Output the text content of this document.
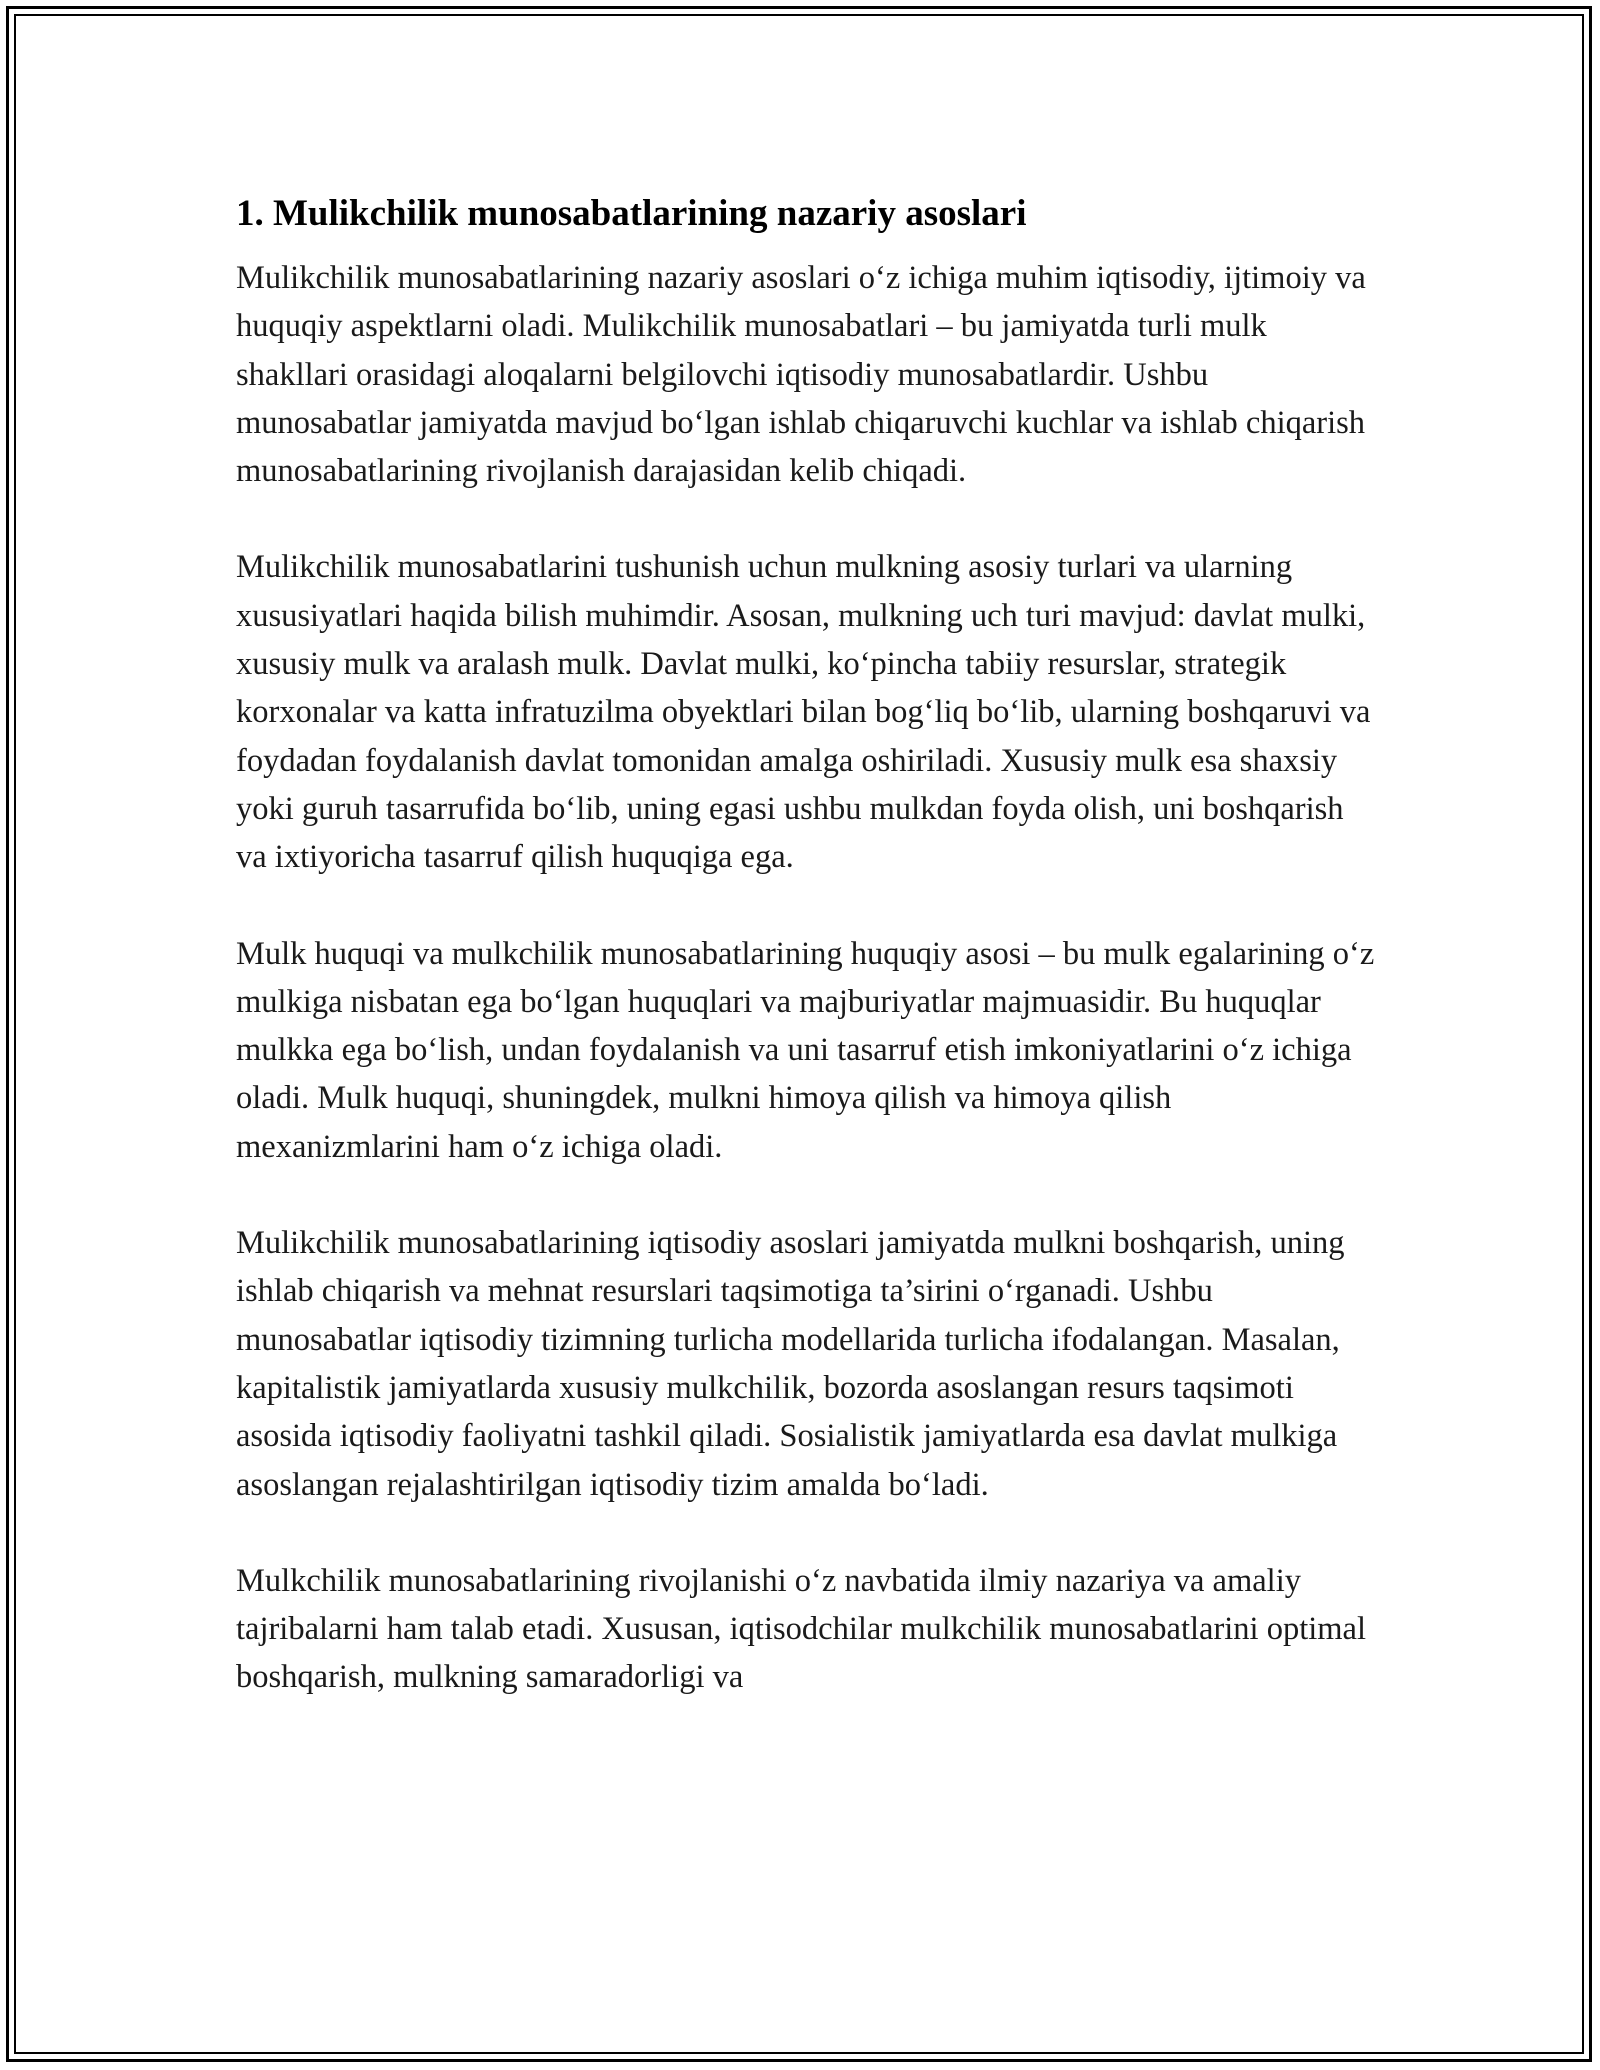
1. Mulikchilik munosabatlarining nazariy asoslari

Mulikchilik munosabatlarining nazariy asoslari o‘z ichiga muhim iqtisodiy, ijtimoiy va huquqiy aspektlarni oladi. Mulikchilik munosabatlari – bu jamiyatda turli mulk shakllari orasidagi aloqalarni belgilovchi iqtisodiy munosabatlardir. Ushbu munosabatlar jamiyatda mavjud bo‘lgan ishlab chiqaruvchi kuchlar va ishlab chiqarish munosabatlarining rivojlanish darajasidan kelib chiqadi.

Mulikchilik munosabatlarini tushunish uchun mulkning asosiy turlari va ularning xususiyatlari haqida bilish muhimdir. Asosan, mulkning uch turi mavjud: davlat mulki, xususiy mulk va aralash mulk. Davlat mulki, ko‘pincha tabiiy resurslar, strategik korxonalar va katta infratuzilma obyektlari bilan bog‘liq bo‘lib, ularning boshqaruvi va foydadan foydalanish davlat tomonidan amalga oshiriladi. Xususiy mulk esa shaxsiy yoki guruh tasarrufida bo‘lib, uning egasi ushbu mulkdan foyda olish, uni boshqarish va ixtiyoricha tasarruf qilish huquqiga ega.

Mulk huquqi va mulkchilik munosabatlarining huquqiy asosi – bu mulk egalarining o‘z mulkiga nisbatan ega bo‘lgan huquqlari va majburiyatlar majmuasidir. Bu huquqlar mulkka ega bo‘lish, undan foydalanish va uni tasarruf etish imkoniyatlarini o‘z ichiga oladi. Mulk huquqi, shuningdek, mulkni himoya qilish va himoya qilish mexanizmlarini ham o‘z ichiga oladi.

Mulikchilik munosabatlarining iqtisodiy asoslari jamiyatda mulkni boshqarish, uning ishlab chiqarish va mehnat resurslari taqsimotiga ta’sirini o‘rganadi. Ushbu munosabatlar iqtisodiy tizimning turlicha modellarida turlicha ifodalangan. Masalan, kapitalistik jamiyatlarda xususiy mulkchilik, bozorda asoslangan resurs taqsimoti asosida iqtisodiy faoliyatni tashkil qiladi. Sosialistik jamiyatlarda esa davlat mulkiga asoslangan rejalashtirilgan iqtisodiy tizim amalda bo‘ladi.

Mulkchilik munosabatlarining rivojlanishi o‘z navbatida ilmiy nazariya va amaliy tajribalarni ham talab etadi. Xususan, iqtisodchilar mulkchilik munosabatlarini optimal boshqarish, mulkning samaradorligi va
